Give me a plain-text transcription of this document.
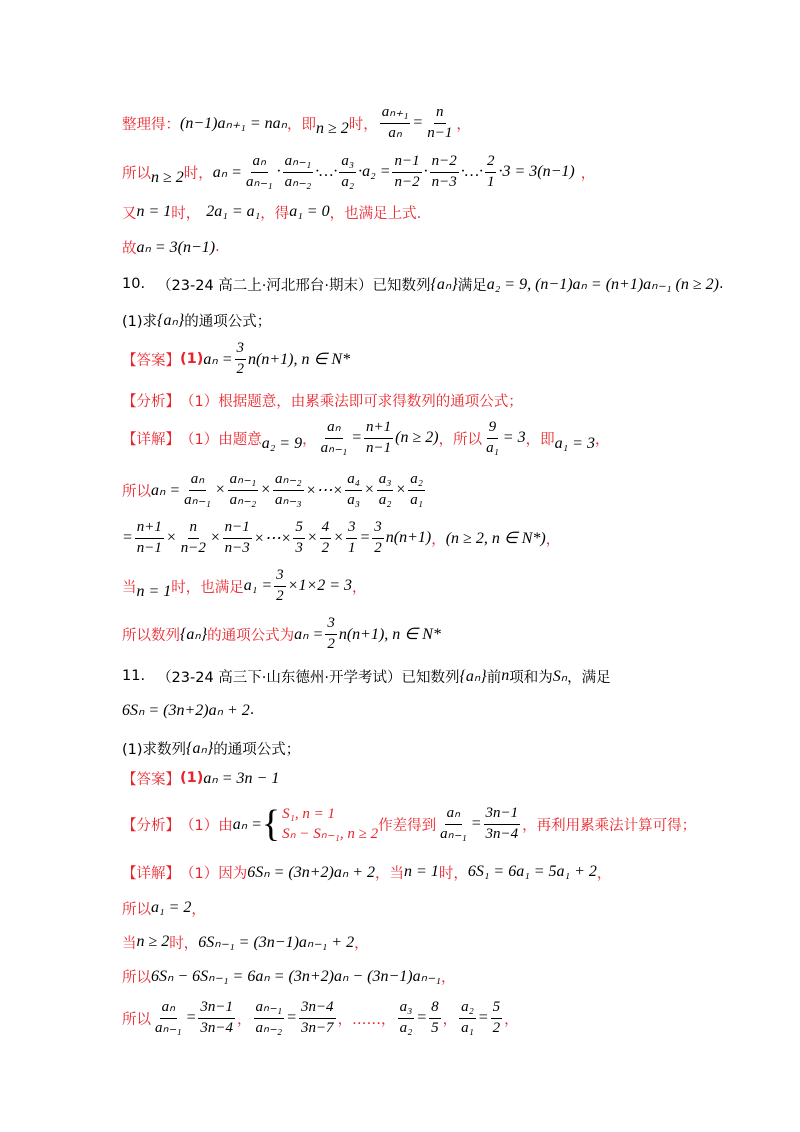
整理得： (n−1)aₙ₊₁ = naₙ ，即 n ≥ 2 时， $\frac{\text{aₙ₊₁}}{\text{aₙ}} = \frac{n}{n-1}$ ，
所以 n ≥ 2 时， $a_n = \frac{\text{aₙ}}{\text{aₙ₋₁}} \cdot \frac{\text{aₙ₋₁}}{\text{aₙ₋₂}}$ ·…· $\frac{\text{a₃}}{\text{a₂}} \cdot a_2 = \frac{n-1}{n-2} \cdot \frac{n-2}{n-3}$ ·…· $\frac{2}{1} \cdot 3 = 3(n-1)$ ，
又 n = 1 时， 2a₁ = a₁ ，得 a₁ = 0 ，也满足上式.
故 aₙ = 3(n−1) .
10. （23-24 高二上·河北邢台·期末）已知数列 {aₙ} 满足 a₂ = 9, (n−1)aₙ = (n+1)aₙ₋₁ (n ≥ 2) .
(1)求 {aₙ} 的通项公式；
【答案】 (1) $a_n = \frac{3}{2} n(n+1)$, n ∈ N*
【分析】 （1）根据题意，由累乘法即可求得数列的通项公式；
【详解】 （1）由题意 a₂ = 9 ， $\frac{\text{aₙ}}{\text{aₙ₋₁}} = \frac{n+1}{n-1} (n \ge 2)$ ，所以 $\frac{9}{\text{a₁}} = 3$ ，即 a₁ = 3 ，
所以 $a_n = \frac{\text{aₙ}}{\text{aₙ₋₁}} \times \frac{\text{aₙ₋₁}}{\text{aₙ₋₂}} \times \frac{\text{aₙ₋₂}}{\text{aₙ₋₃}}$ ×⋯× $\frac{\text{a₄}}{\text{a₃}} \times \frac{\text{a₃}}{\text{a₂}} \times \frac{\text{a₂}}{\text{a₁}}$
= $\frac{n+1}{n-1} \times \frac{n}{n-2} \times \frac{n-1}{n-3}$ ×⋯× $\frac{5}{3} \times \frac{4}{2} \times \frac{3}{1} = \frac{3}{2} n(n+1)$ ， (n ≥ 2, n ∈ N*) ，
当 n = 1 时，也满足 $a_1 = \frac{3}{2} \times 1\times 2 = 3$ ，
所以数列 {aₙ} 的通项公式为 $a_n = \frac{3}{2} n(n+1)$, n ∈ N*
11. （23-24 高三下·山东德州·开学考试）已知数列 {aₙ} 前 n 项和为 Sₙ ，满足
6Sₙ = (3n+2)aₙ + 2 .
(1)求数列 {aₙ} 的通项公式；
【答案】 (1) aₙ = 3n − 1
【分析】 （1）由 aₙ = { S₁, n = 1
Sₙ − Sₙ₋₁, n ≥ 2
作差得到 $\frac{\text{aₙ}}{\text{aₙ₋₁}} = \frac{3n-1}{3n-4}$ ，再利用累乘法计算可得；
【详解】 （1）因为 6Sₙ = (3n+2)aₙ + 2 ，当 n = 1 时， 6S₁ = 6a₁ = 5a₁ + 2 ，
所以 a₁ = 2 ，
当 n ≥ 2 时， 6Sₙ₋₁ = (3n−1)aₙ₋₁ + 2 ，
所以 6Sₙ − 6Sₙ₋₁ = 6aₙ = (3n+2)aₙ − (3n−1)aₙ₋₁ ，
所以 $\frac{\text{aₙ}}{\text{aₙ₋₁}} = \frac{3n-1}{3n-4}$ ， $\frac{\text{aₙ₋₁}}{\text{aₙ₋₂}} = \frac{3n-4}{3n-7}$ ，……， $\frac{\text{a₃}}{\text{a₂}} = \frac{8}{5}$ ， $\frac{\text{a₂}}{\text{a₁}} = \frac{5}{2}$ ，
